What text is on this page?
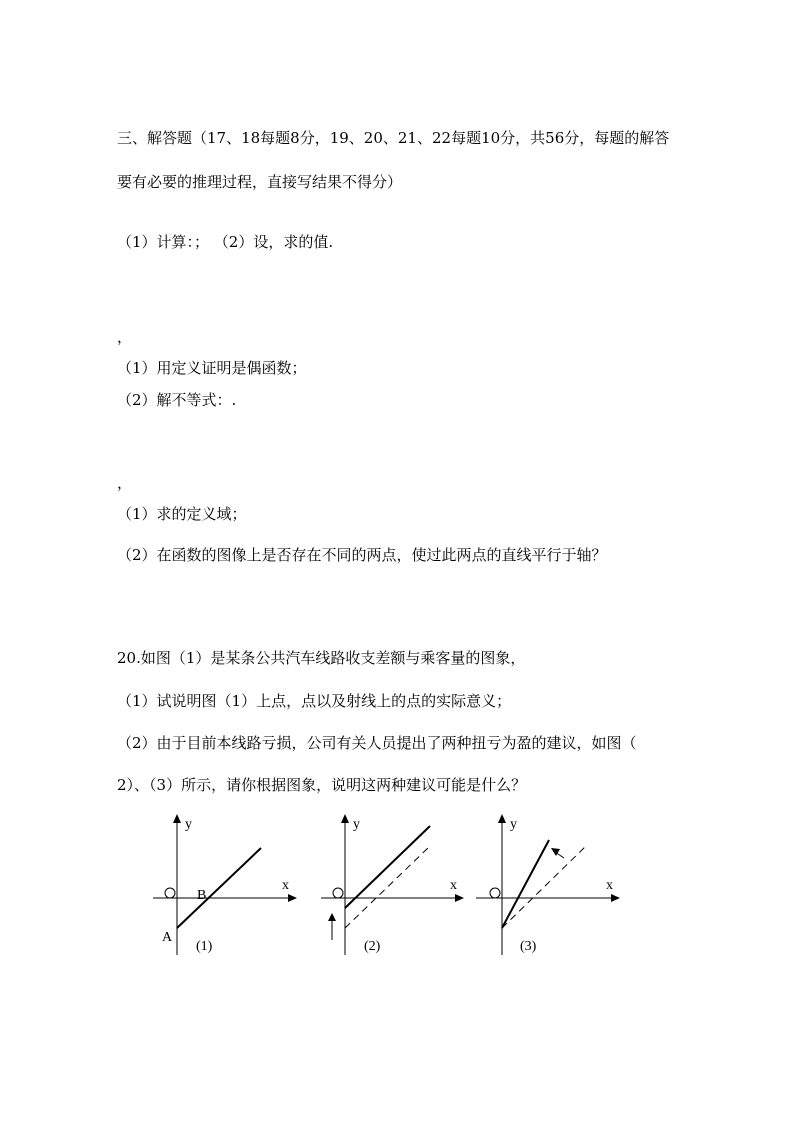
三、解答题（17、18每题8分，19、20、21、22每题10分，共56分，每题的解答
要有必要的推理过程，直接写结果不得分）
（1）计算：； （2）设，求的值.
，
（1）用定义证明是偶函数；
（2）解不等式：.
，
（1）求的定义域；
（2）在函数的图像上是否存在不同的两点，使过此两点的直线平行于轴？
20.如图（1）是某条公共汽车线路收支差额与乘客量的图象，
（1）试说明图（1）上点，点以及射线上的点的实际意义；
（2）由于目前本线路亏损，公司有关人员提出了两种扭亏为盈的建议，如图（
2）、（3）所示，请你根据图象，说明这两种建议可能是什么？
y
x
B
A
(1)
y
x
(2)
y
x
(3)
